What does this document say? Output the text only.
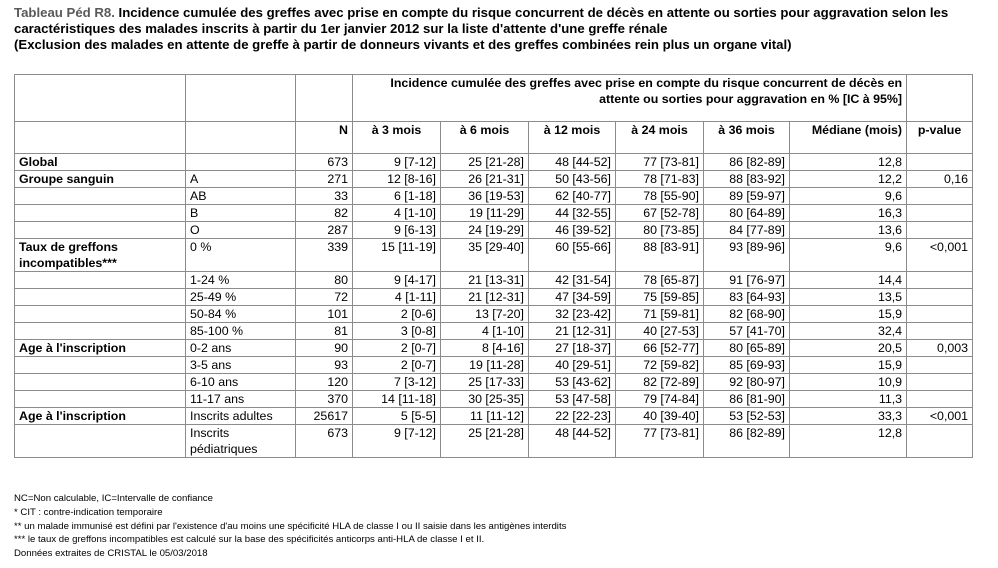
Tableau Péd R8. Incidence cumulée des greffes avec prise en compte du risque concurrent de décès en attente ou sorties pour aggravation selon les caractéristiques des malades inscrits à partir du 1er janvier 2012 sur la liste d'attente d'une greffe rénale
(Exclusion des malades en attente de greffe à partir de donneurs vivants et des greffes combinées rein plus un organe vital)
			Incidence cumulée des greffes avec prise en compte du risque concurrent de décès en attente ou sorties pour aggravation en % [IC à 95%]						
		N	à 3 mois	à 6 mois	à 12 mois	à 24 mois	à 36 mois	Médiane (mois)	p-value
Global		673	9 [7-12]	25 [21-28]	48 [44-52]	77 [73-81]	86 [82-89]	12,8	
Groupe sanguin	A	271	12 [8-16]	26 [21-31]	50 [43-56]	78 [71-83]	88 [83-92]	12,2	0,16
	AB	33	6 [1-18]	36 [19-53]	62 [40-77]	78 [55-90]	89 [59-97]	9,6	
	B	82	4 [1-10]	19 [11-29]	44 [32-55]	67 [52-78]	80 [64-89]	16,3	
	O	287	9 [6-13]	24 [19-29]	46 [39-52]	80 [73-85]	84 [77-89]	13,6	
Taux de greffons incompatibles***	0 %	339	15 [11-19]	35 [29-40]	60 [55-66]	88 [83-91]	93 [89-96]	9,6	<0,001
	1-24 %	80	9 [4-17]	21 [13-31]	42 [31-54]	78 [65-87]	91 [76-97]	14,4	
	25-49 %	72	4 [1-11]	21 [12-31]	47 [34-59]	75 [59-85]	83 [64-93]	13,5	
	50-84 %	101	2 [0-6]	13 [7-20]	32 [23-42]	71 [59-81]	82 [68-90]	15,9	
	85-100 %	81	3 [0-8]	4 [1-10]	21 [12-31]	40 [27-53]	57 [41-70]	32,4	
Age à l'inscription	0-2 ans	90	2 [0-7]	8 [4-16]	27 [18-37]	66 [52-77]	80 [65-89]	20,5	0,003
	3-5 ans	93	2 [0-7]	19 [11-28]	40 [29-51]	72 [59-82]	85 [69-93]	15,9	
	6-10 ans	120	7 [3-12]	25 [17-33]	53 [43-62]	82 [72-89]	92 [80-97]	10,9	
	11-17 ans	370	14 [11-18]	30 [25-35]	53 [47-58]	79 [74-84]	86 [81-90]	11,3	
Age à l'inscription	Inscrits adultes	25617	5 [5-5]	11 [11-12]	22 [22-23]	40 [39-40]	53 [52-53]	33,3	<0,001
	Inscrits pédiatriques	673	9 [7-12]	25 [21-28]	48 [44-52]	77 [73-81]	86 [82-89]	12,8	
NC=Non calculable, IC=Intervalle de confiance
* CIT : contre-indication temporaire
** un malade immunisé est défini par l'existence d'au moins une spécificité HLA de classe I ou II saisie dans les antigènes interdits
*** le taux de greffons incompatibles est calculé sur la base des spécificités anticorps anti-HLA de classe I et II.
Données extraites de CRISTAL le 05/03/2018
